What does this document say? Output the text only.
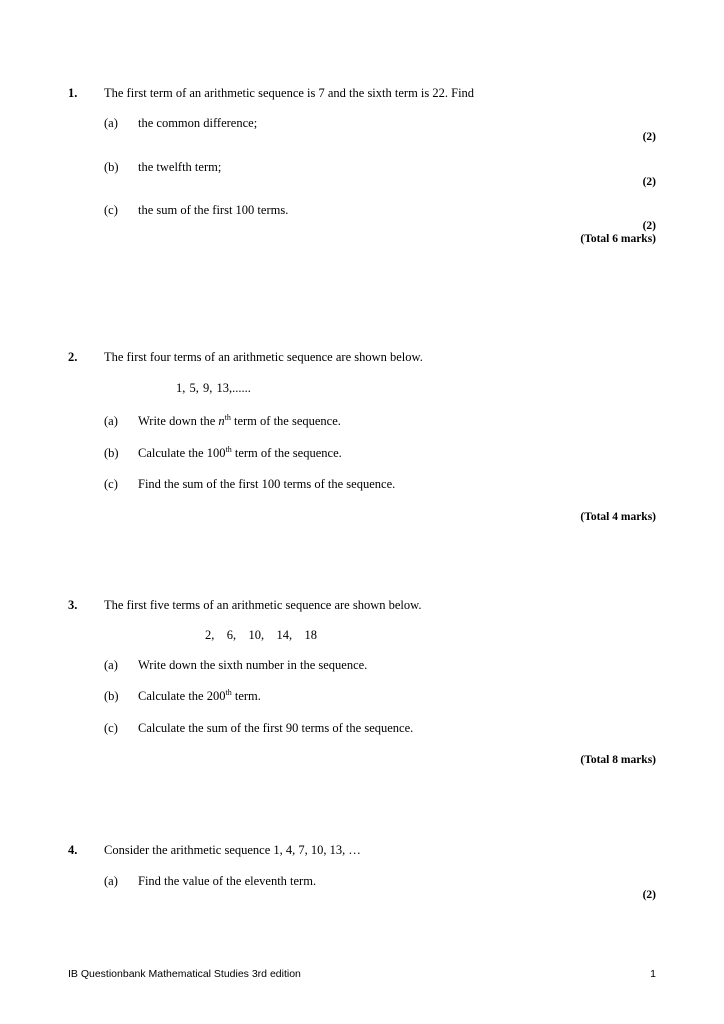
1. The first term of an arithmetic sequence is 7 and the sixth term is 22. Find
(a) the common difference;
(2)
(b) the twelfth term;
(2)
(c) the sum of the first 100 terms.
(2)
(Total 6 marks)
2. The first four terms of an arithmetic sequence are shown below.
1, 5, 9, 13,......
(a) Write down the $n^{th}$ term of the sequence.
(b) Calculate the 100th term of the sequence.
(c) Find the sum of the first 100 terms of the sequence.
(Total 4 marks)
3. The first five terms of an arithmetic sequence are shown below.
2,   6,   10,   14,   18
(a) Write down the sixth number in the sequence.
(b) Calculate the 200th term.
(c) Calculate the sum of the first 90 terms of the sequence.
(Total 8 marks)
4. Consider the arithmetic sequence 1, 4, 7, 10, 13, …
(a) Find the value of the eleventh term.
(2)
IB Questionbank Mathematical Studies 3rd edition	1
